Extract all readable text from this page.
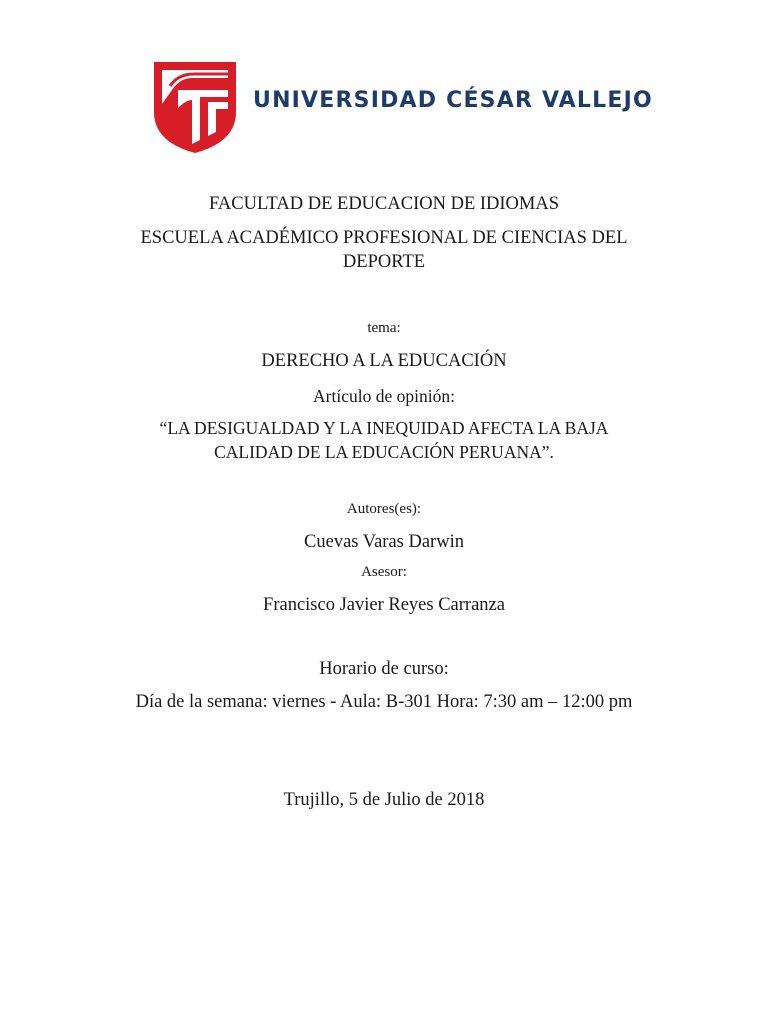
UNIVERSIDAD CÉSAR VALLEJO
FACULTAD DE EDUCACION DE IDIOMAS
ESCUELA ACADÉMICO PROFESIONAL DE CIENCIAS DEL
DEPORTE
tema:
DERECHO A LA EDUCACIÓN
Artículo de opinión:
“LA DESIGUALDAD Y LA INEQUIDAD AFECTA LA BAJA
CALIDAD DE LA EDUCACIÓN PERUANA”.
Autores(es):
Cuevas Varas Darwin
Asesor:
Francisco Javier Reyes Carranza
Horario de curso:
Día de la semana: viernes - Aula: B-301 Hora: 7:30 am – 12:00 pm
Trujillo, 5 de Julio de 2018
